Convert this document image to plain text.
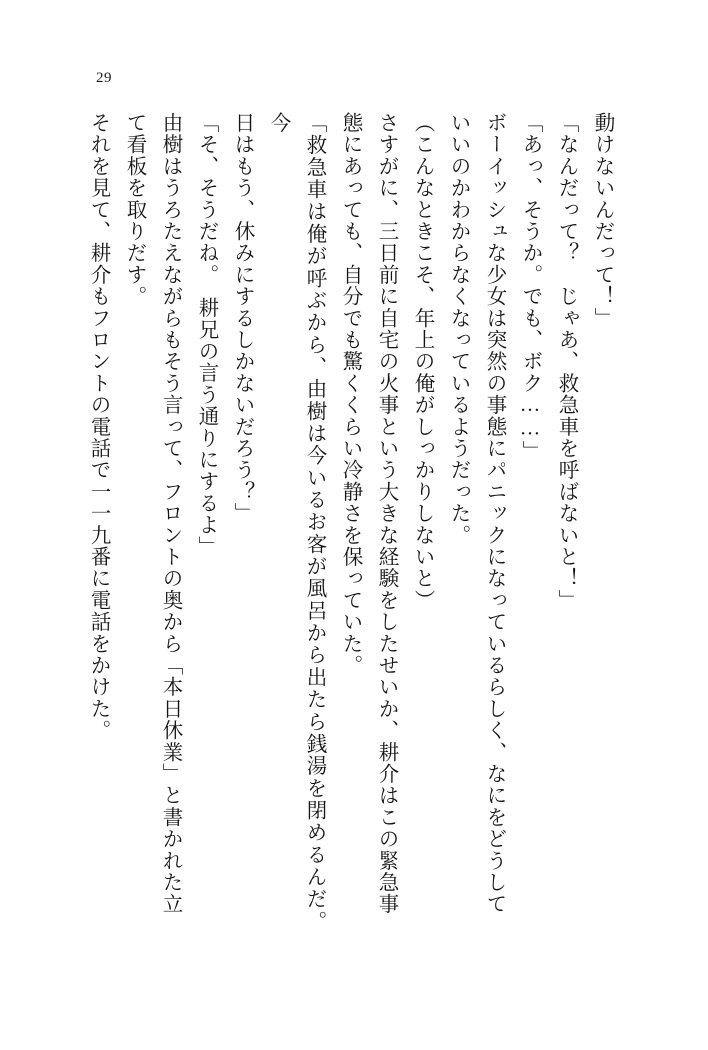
29
動けないんだって！」
「なんだって？　じゃあ、救急車を呼ばないと！」
「あっ、そうか。でも、ボク……」
ボーイッシュな少女は突然の事態にパニックになっているらしく、なにをどうして
いいのかわからなくなっているようだった。
（こんなときこそ、年上の俺がしっかりしないと）
さすがに、三日前に自宅の火事という大きな経験をしたせいか、耕介はこの緊急事
態にあっても、自分でも驚くくらい冷静さを保っていた。
「救急車は俺が呼ぶから、由樹は今いるお客が風呂から出たら銭湯を閉めるんだ。今
日はもう、休みにするしかないだろう？」
「そ、そうだね。　耕兄の言う通りにするよ」
由樹はうろたえながらもそう言って、フロントの奥から「本日休業」と書かれた立
て看板を取りだす。
それを見て、耕介もフロントの電話で一一九番に電話をかけた。
